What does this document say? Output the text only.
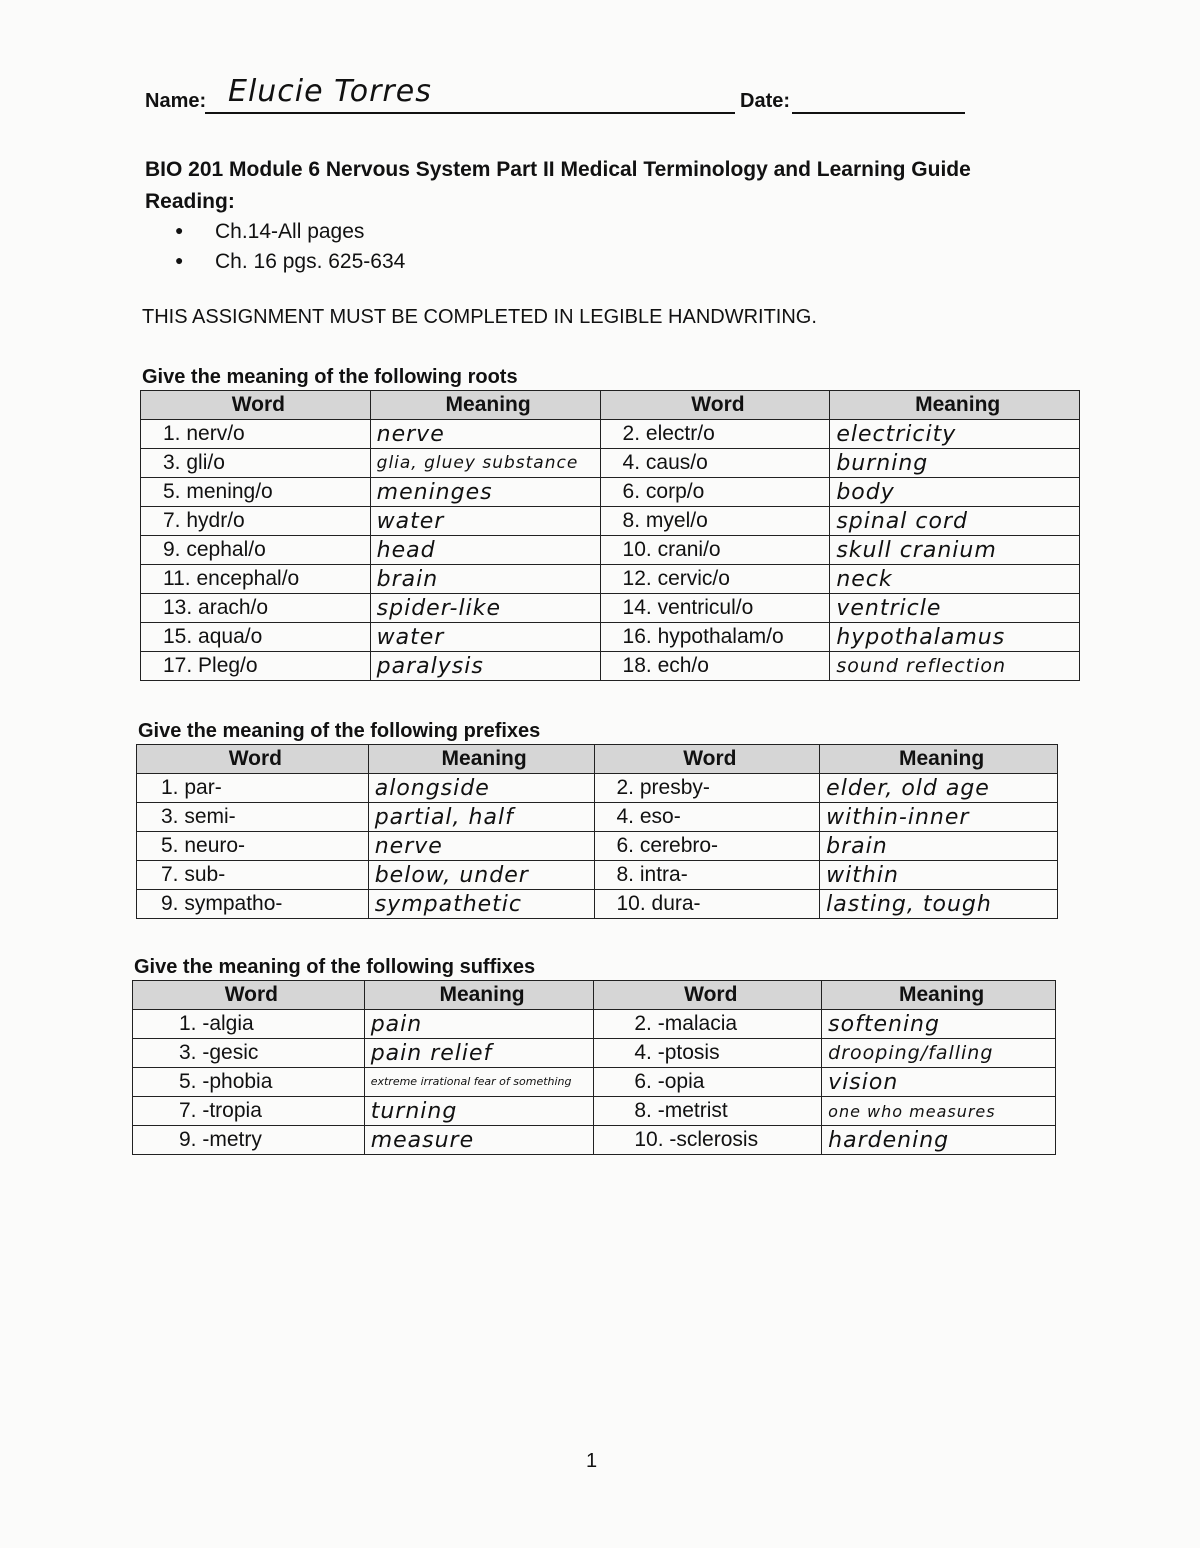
Name: Elucie Torres	Date:
BIO 201 Module 6 Nervous System Part II Medical Terminology and Learning Guide
Reading:
● Ch.14-All pages
● Ch. 16 pgs. 625-634
THIS ASSIGNMENT MUST BE COMPLETED IN LEGIBLE HANDWRITING.
Give the meaning of the following roots
Word	Meaning	Word	Meaning
1. nerv/o	nerve	2. electr/o	electricity
3. gli/o	glia, gluey substance	4. caus/o	burning
5. mening/o	meninges	6. corp/o	body
7. hydr/o	water	8. myel/o	spinal cord
9. cephal/o	head	10. crani/o	skull cranium
11. encephal/o	brain	12. cervic/o	neck
13. arach/o	spider-like	14. ventricul/o	ventricle
15. aqua/o	water	16. hypothalam/o	hypothalamus
17. Pleg/o	paralysis	18. ech/o	sound reflection
Give the meaning of the following prefixes
Word	Meaning	Word	Meaning
1. par-	alongside	2. presby-	elder, old age
3. semi-	partial, half	4. eso-	within-inner
5. neuro-	nerve	6. cerebro-	brain
7. sub-	below, under	8. intra-	within
9. sympatho-	sympathetic	10. dura-	lasting, tough
Give the meaning of the following suffixes
Word	Meaning	Word	Meaning
1. -algia	pain	2. -malacia	softening
3. -gesic	pain relief	4. -ptosis	drooping/falling
5. -phobia	extreme irrational fear of something	6. -opia	vision
7. -tropia	turning	8. -metrist	one who measures
9. -metry	measure	10. -sclerosis	hardening
1
